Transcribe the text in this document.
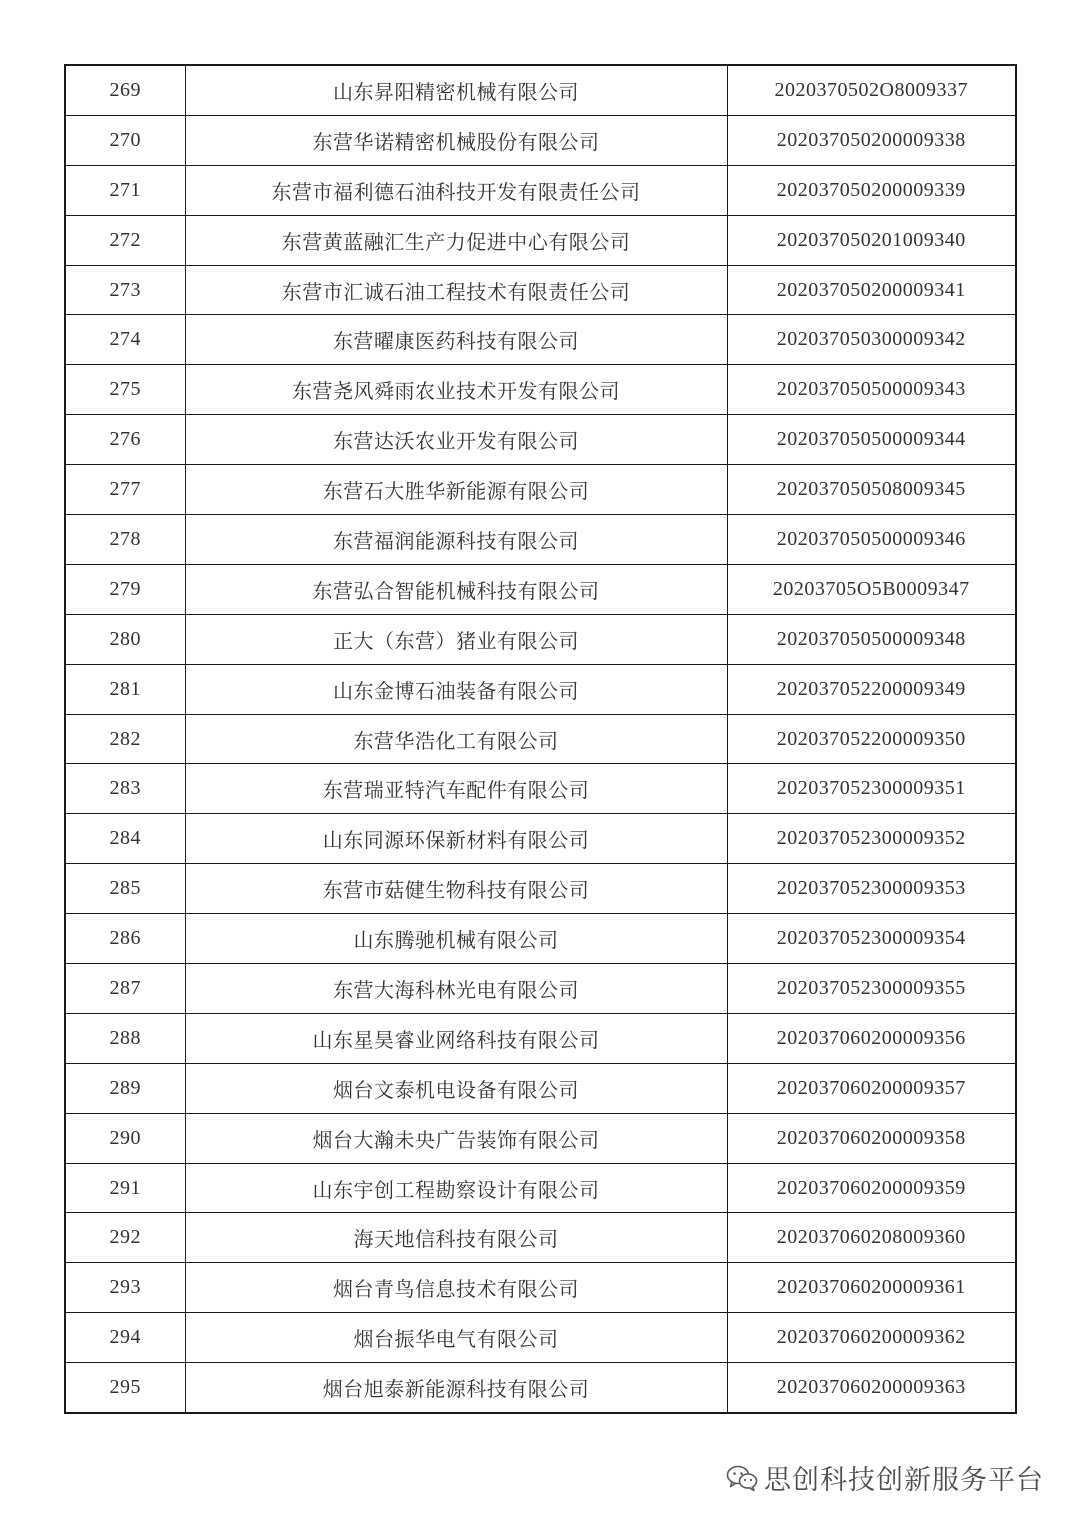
269	山东昇阳精密机械有限公司	2020370502O8009337
270	东营华诺精密机械股份有限公司	202037050200009338
271	东营市福利德石油科技开发有限责任公司	202037050200009339
272	东营黄蓝融汇生产力促进中心有限公司	202037050201009340
273	东营市汇诚石油工程技术有限责任公司	202037050200009341
274	东营曜康医药科技有限公司	202037050300009342
275	东营尧风舜雨农业技术开发有限公司	202037050500009343
276	东营达沃农业开发有限公司	202037050500009344
277	东营石大胜华新能源有限公司	202037050508009345
278	东营福润能源科技有限公司	202037050500009346
279	东营弘合智能机械科技有限公司	20203705O5B0009347
280	正大（东营）猪业有限公司	202037050500009348
281	山东金博石油装备有限公司	202037052200009349
282	东营华浩化工有限公司	202037052200009350
283	东营瑞亚特汽车配件有限公司	202037052300009351
284	山东同源环保新材料有限公司	202037052300009352
285	东营市菇健生物科技有限公司	202037052300009353
286	山东腾驰机械有限公司	202037052300009354
287	东营大海科林光电有限公司	202037052300009355
288	山东星昊睿业网络科技有限公司	202037060200009356
289	烟台文泰机电设备有限公司	202037060200009357
290	烟台大瀚未央广告装饰有限公司	202037060200009358
291	山东宇创工程勘察设计有限公司	202037060200009359
292	海天地信科技有限公司	202037060208009360
293	烟台青鸟信息技术有限公司	202037060200009361
294	烟台振华电气有限公司	202037060200009362
295	烟台旭泰新能源科技有限公司	202037060200009363
思创科技创新服务平台
